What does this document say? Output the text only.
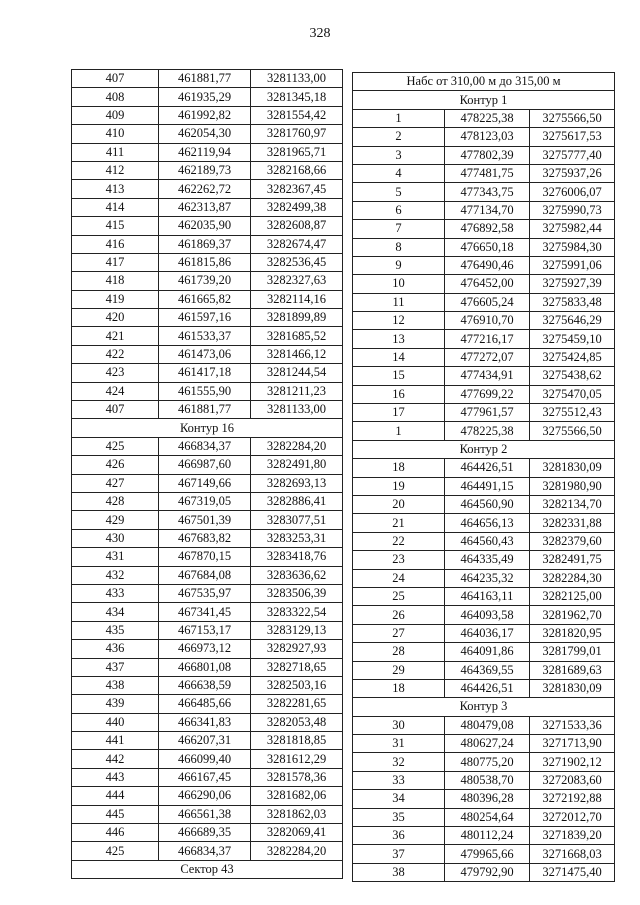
328
407	461881,77	3281133,00
408	461935,29	3281345,18
409	461992,82	3281554,42
410	462054,30	3281760,97
411	462119,94	3281965,71
412	462189,73	3282168,66
413	462262,72	3282367,45
414	462313,87	3282499,38
415	462035,90	3282608,87
416	461869,37	3282674,47
417	461815,86	3282536,45
418	461739,20	3282327,63
419	461665,82	3282114,16
420	461597,16	3281899,89
421	461533,37	3281685,52
422	461473,06	3281466,12
423	461417,18	3281244,54
424	461555,90	3281211,23
407	461881,77	3281133,00
Контур 16		
425	466834,37	3282284,20
426	466987,60	3282491,80
427	467149,66	3282693,13
428	467319,05	3282886,41
429	467501,39	3283077,51
430	467683,82	3283253,31
431	467870,15	3283418,76
432	467684,08	3283636,62
433	467535,97	3283506,39
434	467341,45	3283322,54
435	467153,17	3283129,13
436	466973,12	3282927,93
437	466801,08	3282718,65
438	466638,59	3282503,16
439	466485,66	3282281,65
440	466341,83	3282053,48
441	466207,31	3281818,85
442	466099,40	3281612,29
443	466167,45	3281578,36
444	466290,06	3281682,06
445	466561,38	3281862,03
446	466689,35	3282069,41
425	466834,37	3282284,20
Сектор 43		
Набс от 310,00 м до 315,00 м		
Контур 1		
1	478225,38	3275566,50
2	478123,03	3275617,53
3	477802,39	3275777,40
4	477481,75	3275937,26
5	477343,75	3276006,07
6	477134,70	3275990,73
7	476892,58	3275982,44
8	476650,18	3275984,30
9	476490,46	3275991,06
10	476452,00	3275927,39
11	476605,24	3275833,48
12	476910,70	3275646,29
13	477216,17	3275459,10
14	477272,07	3275424,85
15	477434,91	3275438,62
16	477699,22	3275470,05
17	477961,57	3275512,43
1	478225,38	3275566,50
Контур 2		
18	464426,51	3281830,09
19	464491,15	3281980,90
20	464560,90	3282134,70
21	464656,13	3282331,88
22	464560,43	3282379,60
23	464335,49	3282491,75
24	464235,32	3282284,30
25	464163,11	3282125,00
26	464093,58	3281962,70
27	464036,17	3281820,95
28	464091,86	3281799,01
29	464369,55	3281689,63
18	464426,51	3281830,09
Контур 3		
30	480479,08	3271533,36
31	480627,24	3271713,90
32	480775,20	3271902,12
33	480538,70	3272083,60
34	480396,28	3272192,88
35	480254,64	3272012,70
36	480112,24	3271839,20
37	479965,66	3271668,03
38	479792,90	3271475,40
